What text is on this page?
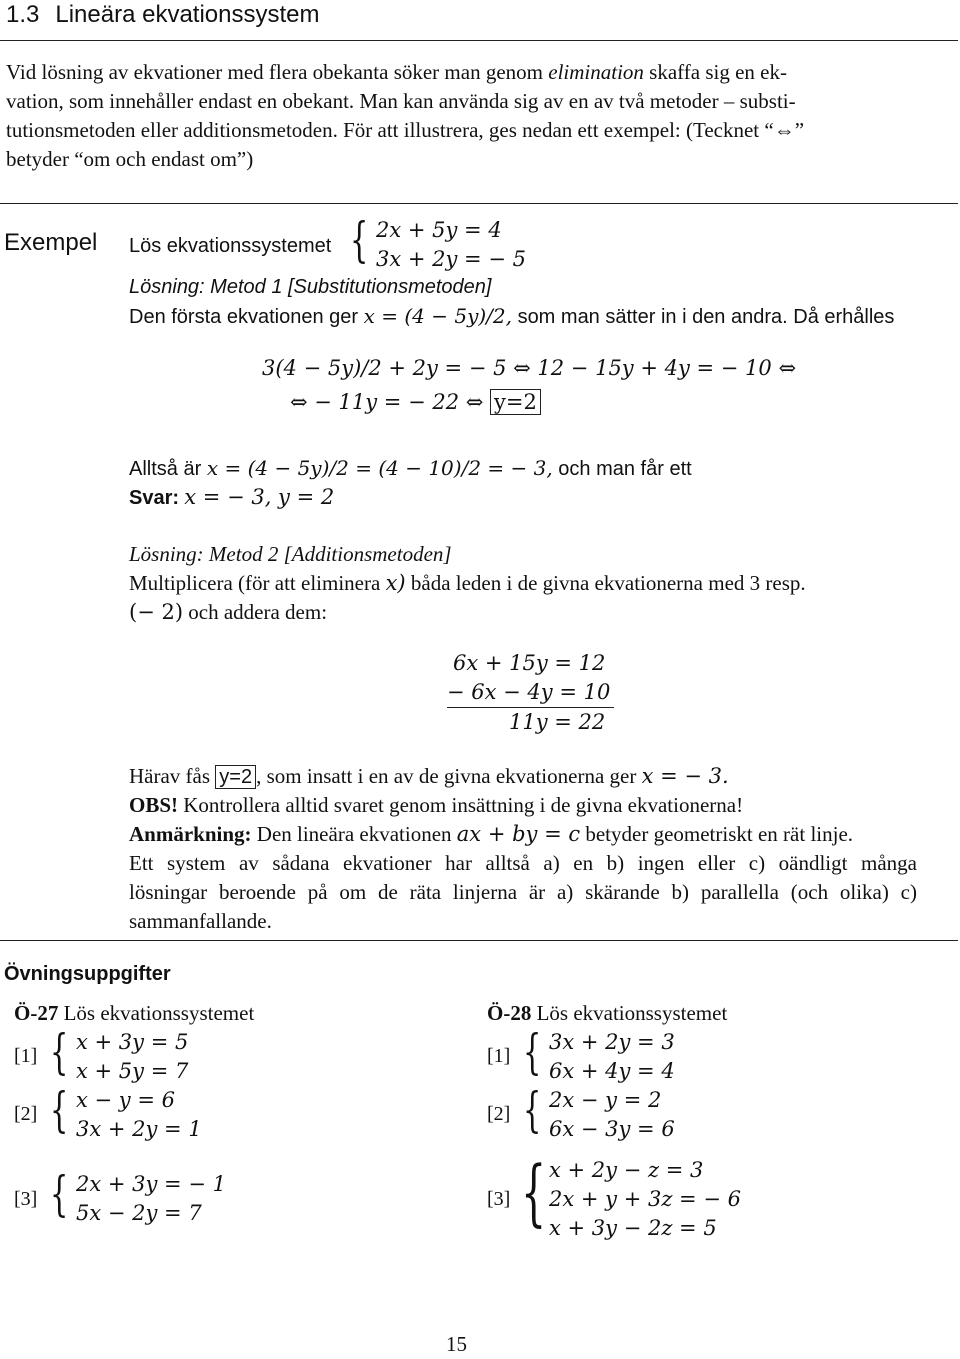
1.3 Lineära ekvationssystem
Vid lösning av ekvationer med flera obekanta söker man genom elimination skaffa sig en ek-
vation, som innehåller endast en obekant. Man kan använda sig av en av två metoder – substi-
tutionsmetoden eller additionsmetoden. För att illustrera, ges nedan ett exempel: (Tecknet “⇔”
betyder “om och endast om”)
Exempel Lös ekvationssystemet { 2x + 5y = 4
3x + 2y = − 5
Lösning: Metod 1 [Substitutionsmetoden]
Den första ekvationen ger x = (4 − 5y)/2, som man sätter in i den andra. Då erhålles
3(4 − 5y)/2 + 2y = − 5 ⇔ 12 − 15y + 4y = − 10 ⇔
⇔ − 11y = − 22 ⇔ y=2
Alltså är x = (4 − 5y)/2 = (4 − 10)/2 = − 3, och man får ett
Svar: x = − 3, y = 2
Lösning: Metod 2 [Additionsmetoden]
Multiplicera (för att eliminera x) båda leden i de givna ekvationerna med 3 resp.
(− 2) och addera dem:
6x + 15y = 12
− 6x − 4y = 10
11y = 22
Härav fås y=2 , som insatt i en av de givna ekvationerna ger x = − 3.
OBS! Kontrollera alltid svaret genom insättning i de givna ekvationerna!
Anmärkning: Den lineära ekvationen ax + by = c betyder geometriskt en rät linje.
Ett system av sådana ekvationer har alltså a) en b) ingen eller c) oändligt många
lösningar beroende på om de räta linjerna är a) skärande b) parallella (och olika) c)
sammanfallande.
Övningsuppgifter
Ö-27 Lös ekvationssystemet
[1] { x + 3y = 5
x + 5y = 7
[2] { x − y = 6
3x + 2y = 1
[3] { 2x + 3y = − 1
5x − 2y = 7
Ö-28 Lös ekvationssystemet
[1] { 3x + 2y = 3
6x + 4y = 4
[2] { 2x − y = 2
6x − 3y = 6
[3] { x + 2y − z = 3
2x + y + 3z = − 6
x + 3y − 2z = 5
15
